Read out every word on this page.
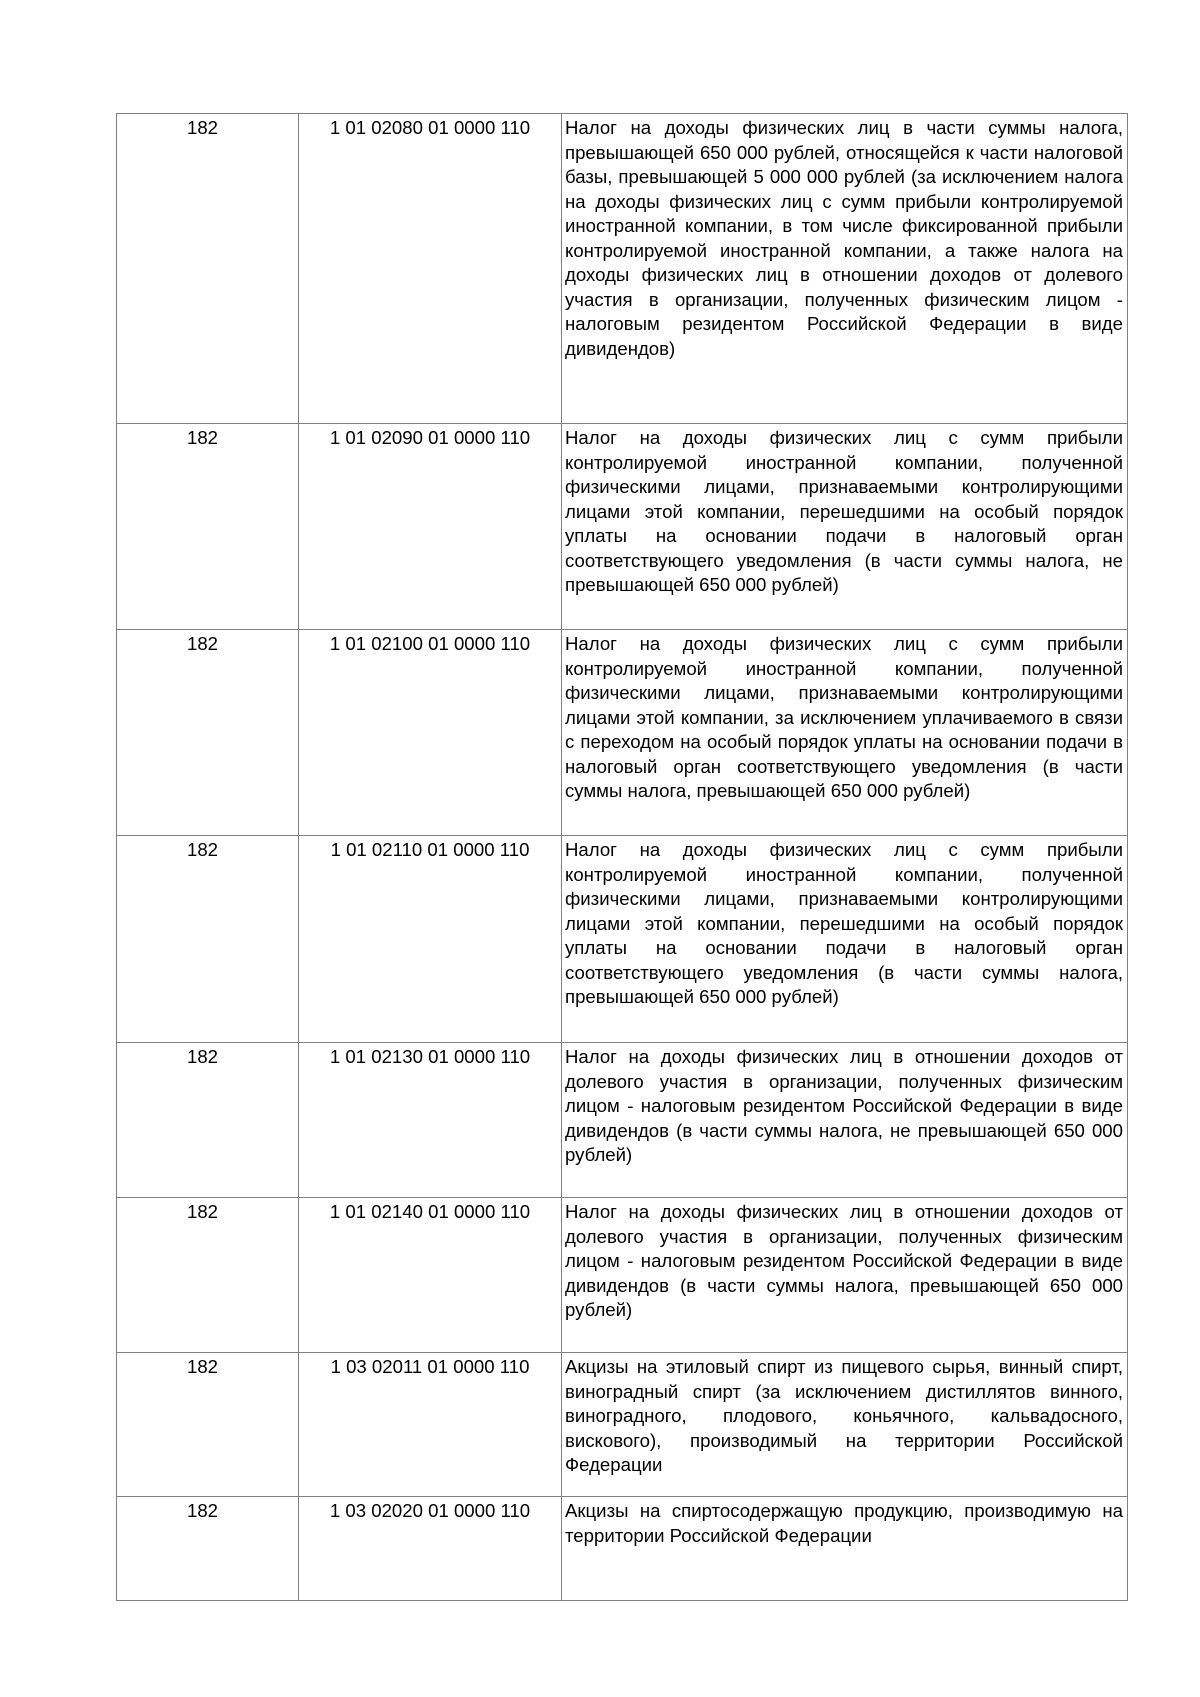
182	1 01 02080 01 0000 110	Налог на доходы физических лиц в части суммы налога, превышающей 650 000 рублей, относящейся к части налоговой базы, превышающей 5 000 000 рублей (за исключением налога на доходы физических лиц с сумм прибыли контролируемой иностранной компании, в том числе фиксированной прибыли контролируемой иностранной компании, а также налога на доходы физических лиц в отношении доходов от долевого участия в организации, полученных физическим лицом - налоговым резидентом Российской Федерации в виде дивидендов)
182	1 01 02090 01 0000 110	Налог на доходы физических лиц с сумм прибыли контролируемой иностранной компании, полученной физическими лицами, признаваемыми контролирующими лицами этой компании, перешедшими на особый порядок уплаты на основании подачи в налоговый орган соответствующего уведомления (в части суммы налога, не превышающей 650 000 рублей)
182	1 01 02100 01 0000 110	Налог на доходы физических лиц с сумм прибыли контролируемой иностранной компании, полученной физическими лицами, признаваемыми контролирующими лицами этой компании, за исключением уплачиваемого в связи с переходом на особый порядок уплаты на основании подачи в налоговый орган соответствующего уведомления (в части суммы налога, превышающей 650 000 рублей)
182	1 01 02110 01 0000 110	Налог на доходы физических лиц с сумм прибыли контролируемой иностранной компании, полученной физическими лицами, признаваемыми контролирующими лицами этой компании, перешедшими на особый порядок уплаты на основании подачи в налоговый орган соответствующего уведомления (в части суммы налога, превышающей 650 000 рублей)
182	1 01 02130 01 0000 110	Налог на доходы физических лиц в отношении доходов от долевого участия в организации, полученных физическим лицом - налоговым резидентом Российской Федерации в виде дивидендов (в части суммы налога, не превышающей 650 000 рублей)
182	1 01 02140 01 0000 110	Налог на доходы физических лиц в отношении доходов от долевого участия в организации, полученных физическим лицом - налоговым резидентом Российской Федерации в виде дивидендов (в части суммы налога, превышающей 650 000 рублей)
182	1 03 02011 01 0000 110	Акцизы на этиловый спирт из пищевого сырья, винный спирт, виноградный спирт (за исключением дистиллятов винного, виноградного, плодового, коньячного, кальвадосного, вискового), производимый на территории Российской Федерации
182	1 03 02020 01 0000 110	Акцизы на спиртосодержащую продукцию, производимую на территории Российской Федерации
